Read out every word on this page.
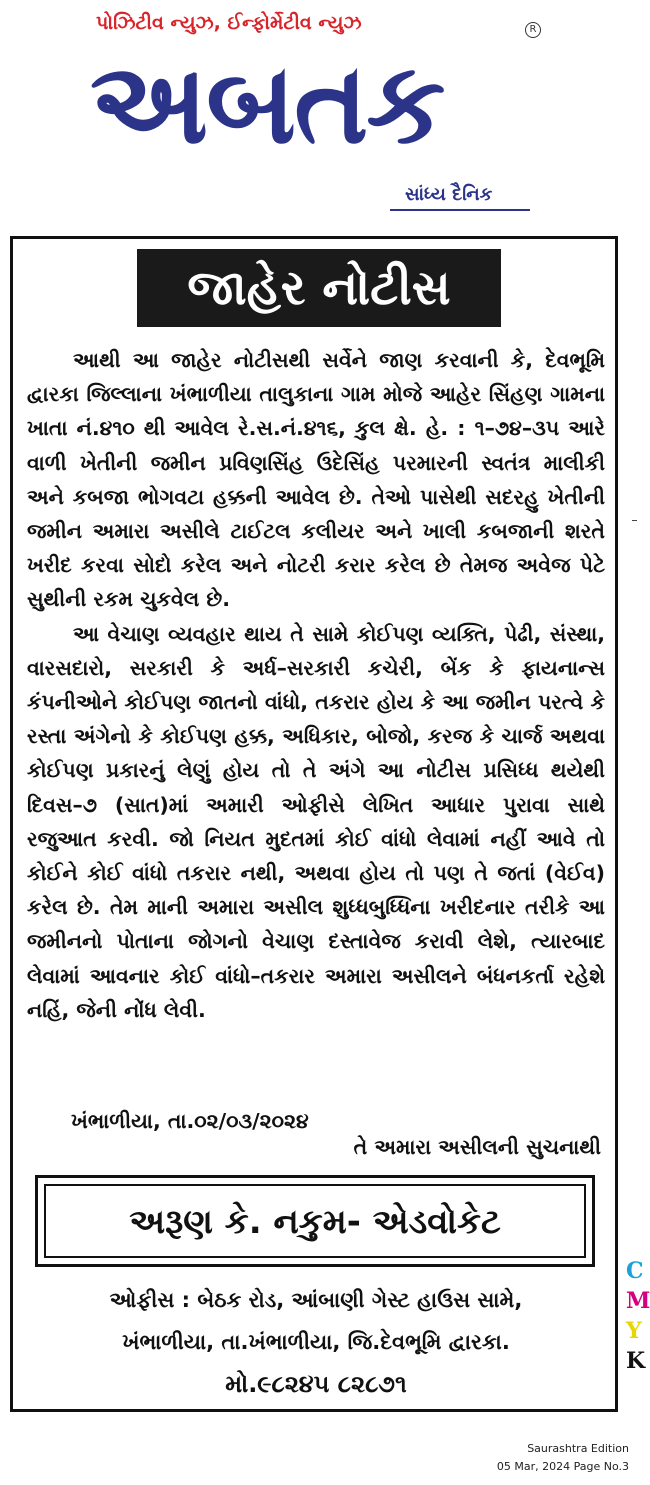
પોઝિટીવ ન્યુઝ, ઈન્ફોર્મેટીવ ન્યુઝ	R
અબતક
સાંધ્ય દૈનિક
જાહેર નોટીસ

આથી આ જાહેર નોટીસથી સર્વેને જાણ કરવાની કે, દેવભૂમિ દ્વારકા જિલ્લાના ખંભાળીયા તાલુકાના ગામ મોજે આહેર સિંહણ ગામના ખાતા નં.૪૧૦ થી આવેલ રે.સ.નં.૪૧૬, કુલ ક્ષે. હે. : ૧–૭૪–૩૫ આરે વાળી ખેતીની જમીન પ્રવિણસિંહ ઉદેસિંહ પરમારની સ્વતંત્ર માલીકી અને કબજા ભોગવટા હક્કની આવેલ છે. તેઓ પાસેથી સદરહુ ખેતીની જમીન અમારા અસીલે ટાઈટલ કલીયર અને ખાલી કબજાની શરતે ખરીદ કરવા સોદો કરેલ અને નોટરી કરાર કરેલ છે તેમજ અવેજ પેટે સુથીની રકમ ચુકવેલ છે.

આ વેચાણ વ્યવહાર થાય તે સામે કોઈપણ વ્યક્તિ, પેઢી, સંસ્થા, વારસદારો, સરકારી કે અર્ધ–સરકારી કચેરી, બેંક કે ફાયનાન્સ કંપનીઓને કોઈપણ જાતનો વાંધો, તકરાર હોય કે આ જમીન પરત્વે કે રસ્તા અંગેનો કે કોઈપણ હક્ક, અધિકાર, બોજો, કરજ કે ચાર્જ અથવા કોઈપણ પ્રકારનું લેણું હોય તો તે અંગે આ નોટીસ પ્રસિધ્ધ થયેથી દિવસ–૭ (સાત)માં અમારી ઓફીસે લેખિત આધાર પુરાવા સાથે રજુઆત કરવી. જો નિયત મુદતમાં કોઈ વાંધો લેવામાં નહીં આવે તો કોઈને કોઈ વાંધો તકરાર નથી, અથવા હોય તો પણ તે જતાં (વેઈવ) કરેલ છે. તેમ માની અમારા અસીલ શુધ્ધબુધ્ધિના ખરીદનાર તરીકે આ જમીનનો પોતાના જોગનો વેચાણ દસ્તાવેજ કરાવી લેશે, ત્યારબાદ લેવામાં આવનાર કોઈ વાંધો–તકરાર અમારા અસીલને બંધનકર્તા રહેશે નહિં, જેની નોંધ લેવી.

ખંભાળીયા, તા.૦૨/૦૩/૨૦૨૪
તે અમારા અસીલની સુચનાથી
અરૂણ કે. નકુમ- એડવોકેટ
ઓફીસ : બેઠક રોડ, આંબાણી ગેસ્ટ હાઉસ સામે,
ખંભાળીયા, તા.ખંભાળીયા, જિ.દેવભૂમિ દ્વારકા.
મો.૯૮૨૪૫ ૮૨૮૭૧
C
M
Y
K
Saurashtra Edition
05 Mar, 2024 Page No.3
